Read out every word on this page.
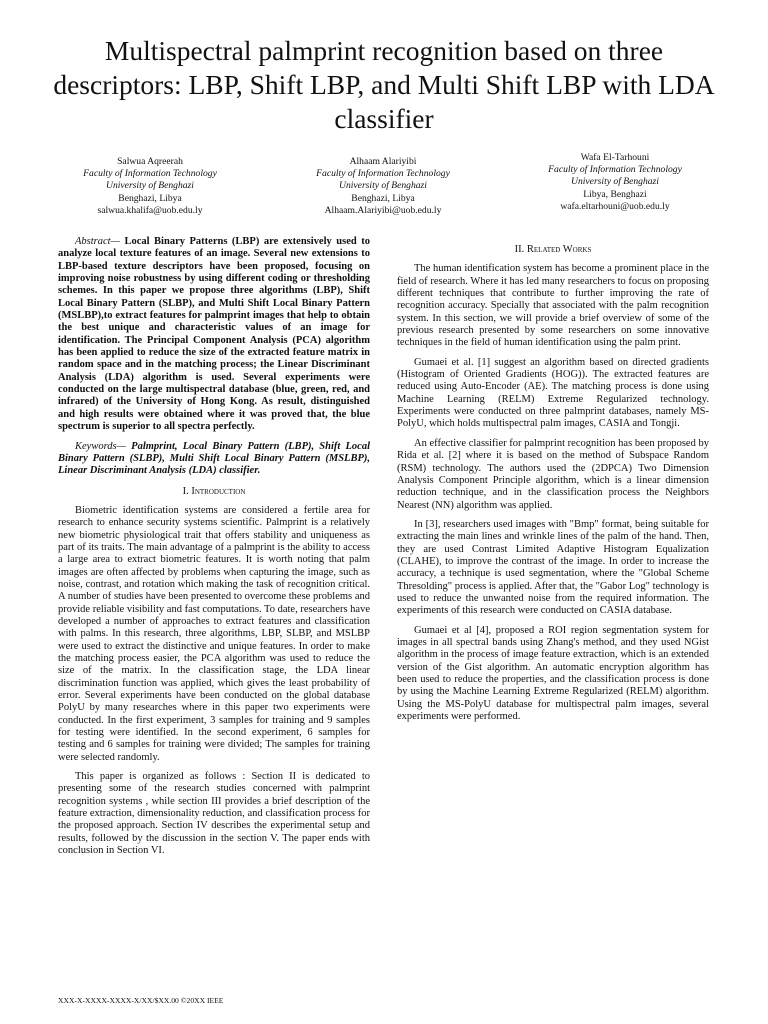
Multispectral palmprint recognition based on three descriptors: LBP, Shift LBP, and Multi Shift LBP with LDA classifier
Salwua Aqreerah
Faculty of Information Technology
University of Benghazi
Benghazi, Libya
salwua.khalifa@uob.edu.ly
Alhaam Alariyibi
Faculty of Information Technology
University of Benghazi
Benghazi, Libya
Alhaam.Alariyibi@uob.edu.ly
Wafa El-Tarhouni
Faculty of Information Technology
University of Benghazi
Libya, Benghazi
wafa.eltarhouni@uob.edu.ly

Abstract— Local Binary Patterns (LBP) are extensively used to analyze local texture features of an image. Several new extensions to LBP-based texture descriptors have been proposed, focusing on improving noise robustness by using different coding or thresholding schemes. In this paper we propose three algorithms (LBP), Shift Local Binary Pattern (SLBP), and Multi Shift Local Binary Pattern (MSLBP),to extract features for palmprint images that help to obtain the best unique and characteristic values of an image for identification. The Principal Component Analysis (PCA) algorithm has been applied to reduce the size of the extracted feature matrix in random space and in the matching process; the Linear Discriminant Analysis (LDA) algorithm is used. Several experiments were conducted on the large multispectral database (blue, green, red, and infrared) of the University of Hong Kong. As result, distinguished and high results were obtained where it was proved that, the blue spectrum is superior to all spectra perfectly.

Keywords— Palmprint, Local Binary Pattern (LBP), Shift Local Binary Pattern (SLBP), Multi Shift Local Binary Pattern (MSLBP), Linear Discriminant Analysis (LDA) classifier.

I. Introduction

Biometric identification systems are considered a fertile area for research to enhance security systems scientific. Palmprint is a relatively new biometric physiological trait that offers stability and uniqueness as part of its traits. The main advantage of a palmprint is the ability to access a large area to extract biometric features. It is worth noting that palm images are often affected by problems when capturing the image, such as noise, contrast, and rotation which making the task of recognition critical. A number of studies have been presented to overcome these problems and provide reliable visibility and fast computations. To date, researchers have developed a number of approaches to extract features and classification with palms. In this research, three algorithms, LBP, SLBP, and MSLBP were used to extract the distinctive and unique features. In order to make the matching process easier, the PCA algorithm was used to reduce the size of the matrix. In the classification stage, the LDA linear discrimination function was applied, which gives the least probability of error. Several experiments have been conducted on the global database PolyU by many researches where in this paper two experiments were conducted. In the first experiment, 3 samples for training and 9 samples for testing were identified. In the second experiment, 6 samples for testing and 6 samples for training were divided; The samples for training were selected randomly.

This paper is organized as follows : Section II is dedicated to presenting some of the research studies concerned with palmprint recognition systems , while section III provides a brief description of the feature extraction, dimensionality reduction, and classification process for the proposed approach. Section IV describes the experimental setup and results, followed by the discussion in the section V. The paper ends with conclusion in Section VI.

II. Related Works

The human identification system has become a prominent place in the field of research. Where it has led many researchers to focus on proposing different techniques that contribute to further improving the rate of recognition accuracy. Specially that associated with the palm recognition system. In this section, we will provide a brief overview of some of the previous research presented by some researchers on some innovative techniques in the field of human identification using the palm print.

Gumaei et al. [1] suggest an algorithm based on directed gradients (Histogram of Oriented Gradients (HOG)). The extracted features are reduced using Auto-Encoder (AE). The matching process is done using Machine Learning (RELM) Extreme Regularized technology. Experiments were conducted on three palmprint databases, namely MS-PolyU, which holds multispectral palm images, CASIA and Tongji.

An effective classifier for palmprint recognition has been proposed by Rida et al. [2] where it is based on the method of Subspace Random (RSM) technology. The authors used the (2DPCA) Two Dimension Analysis Component Principle algorithm, which is a linear dimension reduction technique, and in the classification process the Neighbors Nearest (NN) algorithm was applied.

In [3], researchers used images with "Bmp" format, being suitable for extracting the main lines and wrinkle lines of the palm of the hand. Then, they are used Contrast Limited Adaptive Histogram Equalization (CLAHE), to improve the contrast of the image. In order to increase the accuracy, a technique is used segmentation, where the "Global Scheme Thresolding" process is applied. After that, the "Gabor Log" technology is used to reduce the unwanted noise from the required information. The experiments of this research were conducted on CASIA database.

Gumaei et al [4], proposed a ROI region segmentation system for images in all spectral bands using Zhang's method, and they used NGist algorithm in the process of image feature extraction, which is an extended version of the Gist algorithm. An automatic encryption algorithm has been used to reduce the properties, and the classification process is done by using the Machine Learning Extreme Regularized (RELM) algorithm. Using the MS-PolyU database for multispectral palm images, several experiments were performed.

XXX-X-XXXX-XXXX-X/XX/$XX.00 ©20XX IEEE
